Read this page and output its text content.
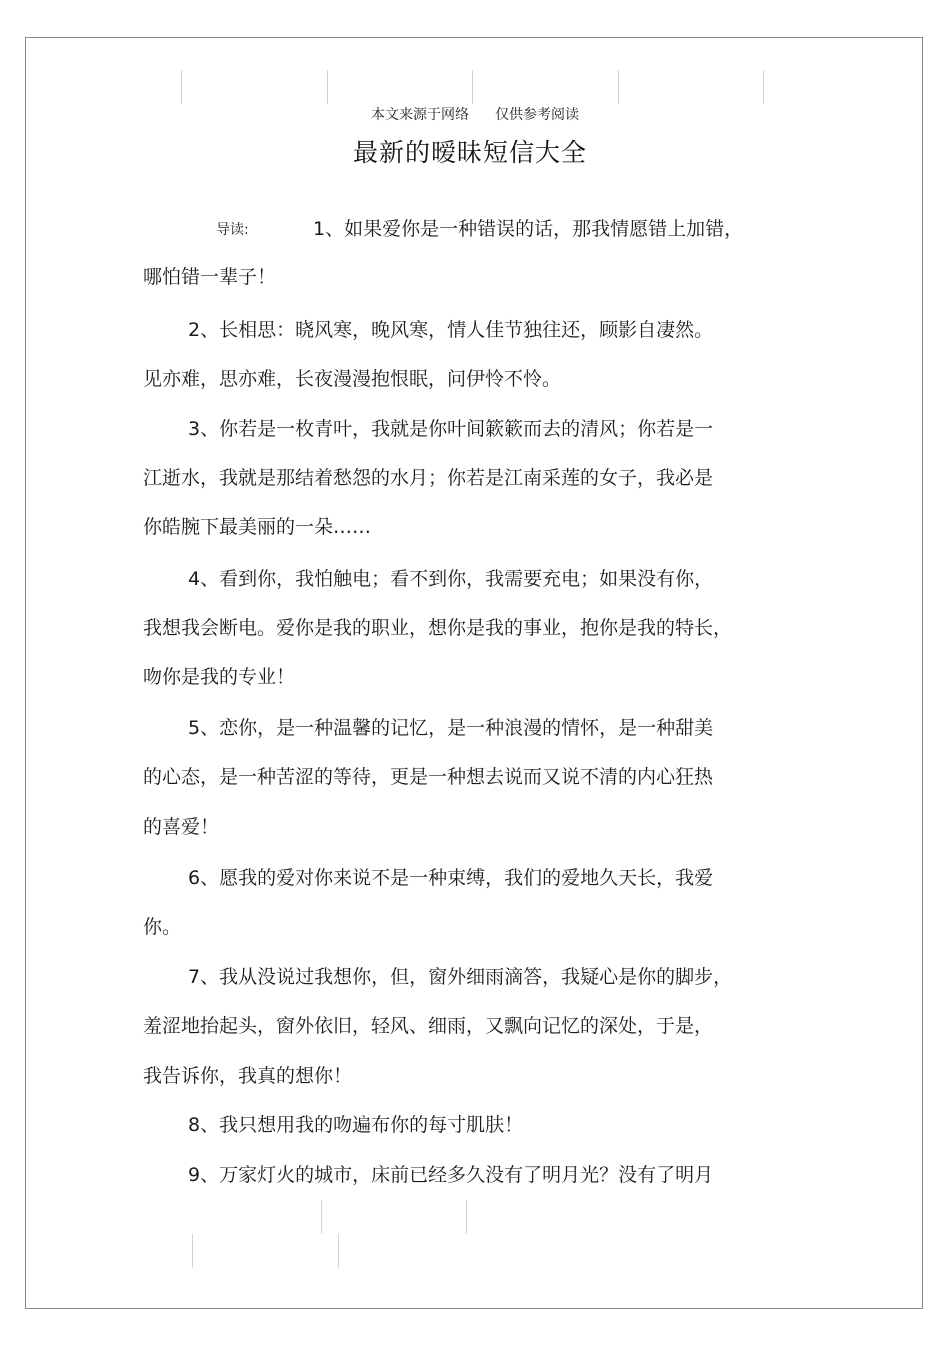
本文来源于网络 仅供参考阅读
最新的暧昧短信大全
导读:	1、如果爱你是一种错误的话，那我情愿错上加错，
哪怕错一辈子！
2、长相思：晓风寒，晚风寒，情人佳节独往还，顾影自凄然。
见亦难，思亦难，长夜漫漫抱恨眠，问伊怜不怜。
3、你若是一枚青叶，我就是你叶间簌簌而去的清风；你若是一
江逝水，我就是那结着愁怨的水月；你若是江南采莲的女子，我必是
你皓腕下最美丽的一朵……
4、看到你，我怕触电；看不到你，我需要充电；如果没有你，
我想我会断电。爱你是我的职业，想你是我的事业，抱你是我的特长，
吻你是我的专业！
5、恋你，是一种温馨的记忆，是一种浪漫的情怀，是一种甜美
的心态，是一种苦涩的等待，更是一种想去说而又说不清的内心狂热
的喜爱！
6、愿我的爱对你来说不是一种束缚，我们的爱地久天长，我爱
你。
7、我从没说过我想你，但，窗外细雨滴答，我疑心是你的脚步，
羞涩地抬起头，窗外依旧，轻风、细雨，又飘向记忆的深处，于是，
我告诉你，我真的想你！
8、我只想用我的吻遍布你的每寸肌肤！
9、万家灯火的城市，床前已经多久没有了明月光？没有了明月
